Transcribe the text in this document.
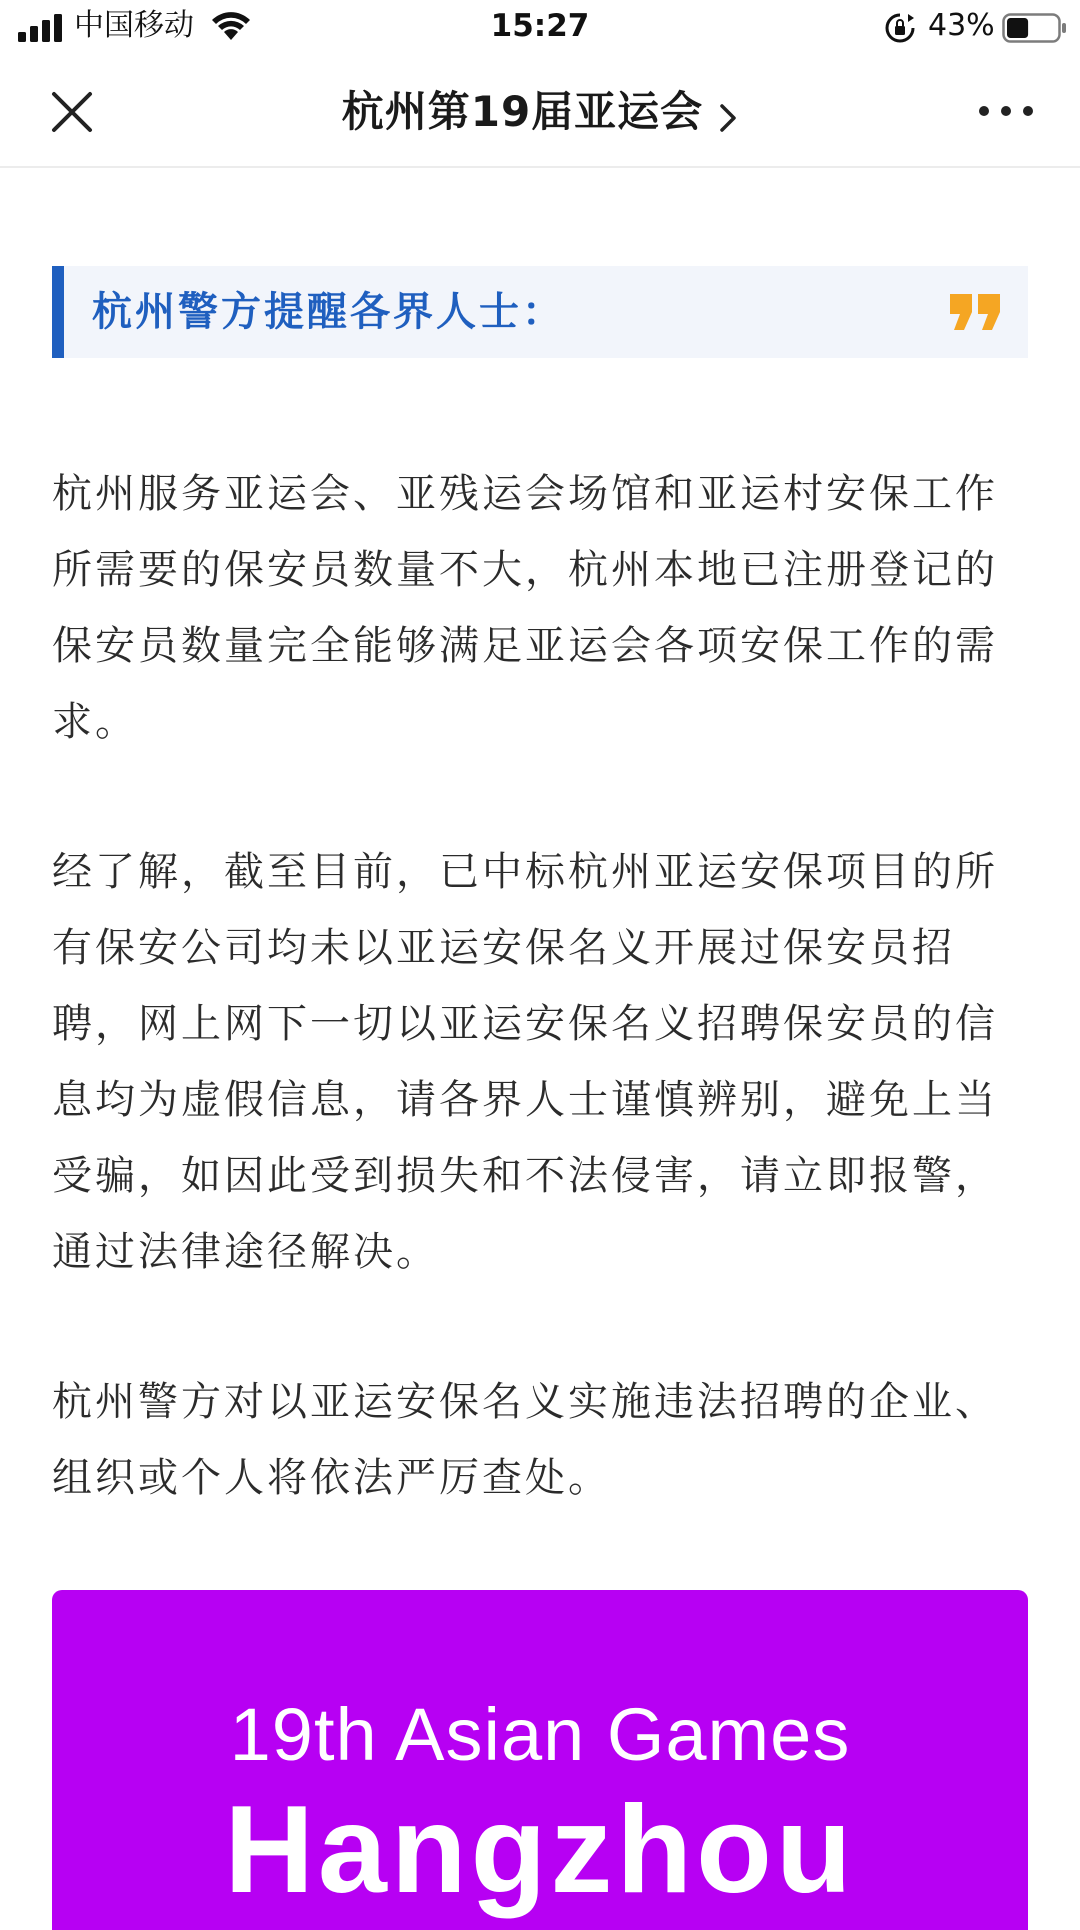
中国移动	15:27	43%
杭州第19届亚运会
杭州警方提醒各界人士：

杭州服务亚运会、亚残运会场馆和亚运村安保工作所需要的保安员数量不大，杭州本地已注册登记的保安员数量完全能够满足亚运会各项安保工作的需求。

经了解，截至目前，已中标杭州亚运安保项目的所有保安公司均未以亚运安保名义开展过保安员招聘，网上网下一切以亚运安保名义招聘保安员的信息均为虚假信息，请各界人士谨慎辨别，避免上当受骗，如因此受到损失和不法侵害，请立即报警，通过法律途径解决。

杭州警方对以亚运安保名义实施违法招聘的企业、组织或个人将依法严厉查处。

19th Asian Games
Hangzhou
